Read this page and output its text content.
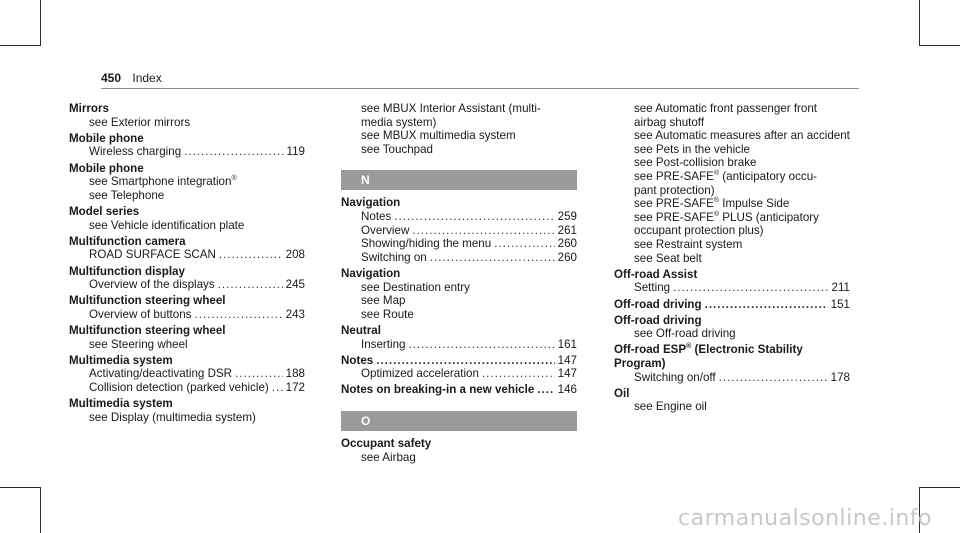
450 Index
Mirrors
see Exterior mirrors
Mobile phone
Wireless charging .....	119
Mobile phone
see Smartphone integration®
see Telephone
Model series
see Vehicle identification plate
Multifunction camera
ROAD SURFACE SCAN .....	208
Multifunction display
Overview of the displays .....	245
Multifunction steering wheel
Overview of buttons .....	243
Multifunction steering wheel
see Steering wheel
Multimedia system
Activating/deactivating DSR .....	188
Collision detection (parked vehicle) ..... 172
Multimedia system
see Display (multimedia system)
see MBUX Interior Assistant (multi-
media system)
see MBUX multimedia system
see Touchpad
N
Navigation
Notes .....	259
Overview .....	261
Showing/hiding the menu .....	260
Switching on .....	260
Navigation
see Destination entry
see Map
see Route
Neutral
Inserting .....	161
Notes .....	147
Optimized acceleration .....	147
Notes on breaking-in a new vehicle ..... 146
O
Occupant safety
see Airbag
see Automatic front passenger front
airbag shutoff
see Automatic measures after an accident
see Pets in the vehicle
see Post-collision brake
see PRE-SAFE® (anticipatory occu-
pant protection)
see PRE-SAFE® Impulse Side
see PRE-SAFE® PLUS (anticipatory
occupant protection plus)
see Restraint system
see Seat belt
Off-road Assist
Setting .....	211
Off-road driving .....	151
Off-road driving
see Off-road driving
Off-road ESP® (Electronic Stability
Program)
Switching on/off .....	178
Oil
see Engine oil
carmanualsonline.info
